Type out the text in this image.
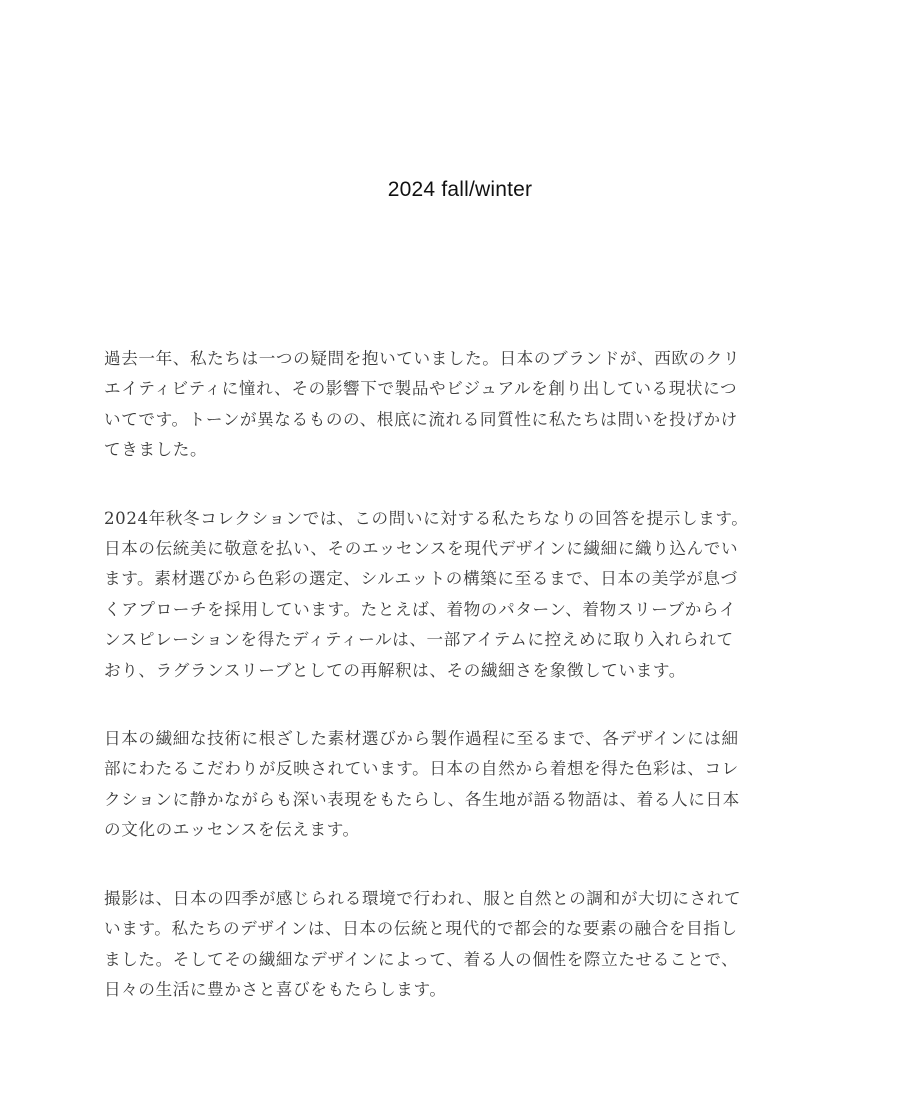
2024 fall/winter

過去一年、私たちは一つの疑問を抱いていました。日本のブランドが、西欧のクリ
エイティビティに憧れ、その影響下で製品やビジュアルを創り出している現状につ
いてです。トーンが異なるものの、根底に流れる同質性に私たちは問いを投げかけ
てきました。

2024年秋冬コレクションでは、この問いに対する私たちなりの回答を提示します。
日本の伝統美に敬意を払い、そのエッセンスを現代デザインに繊細に織り込んでい
ます。素材選びから色彩の選定、シルエットの構築に至るまで、日本の美学が息づ
くアプローチを採用しています。たとえば、着物のパターン、着物スリーブからイ
ンスピレーションを得たディティールは、一部アイテムに控えめに取り入れられて
おり、ラグランスリーブとしての再解釈は、その繊細さを象徴しています。

日本の繊細な技術に根ざした素材選びから製作過程に至るまで、各デザインには細
部にわたるこだわりが反映されています。日本の自然から着想を得た色彩は、コレ
クションに静かながらも深い表現をもたらし、各生地が語る物語は、着る人に日本
の文化のエッセンスを伝えます。

撮影は、日本の四季が感じられる環境で行われ、服と自然との調和が大切にされて
います。私たちのデザインは、日本の伝統と現代的で都会的な要素の融合を目指し
ました。そしてその繊細なデザインによって、着る人の個性を際立たせることで、
日々の生活に豊かさと喜びをもたらします。
